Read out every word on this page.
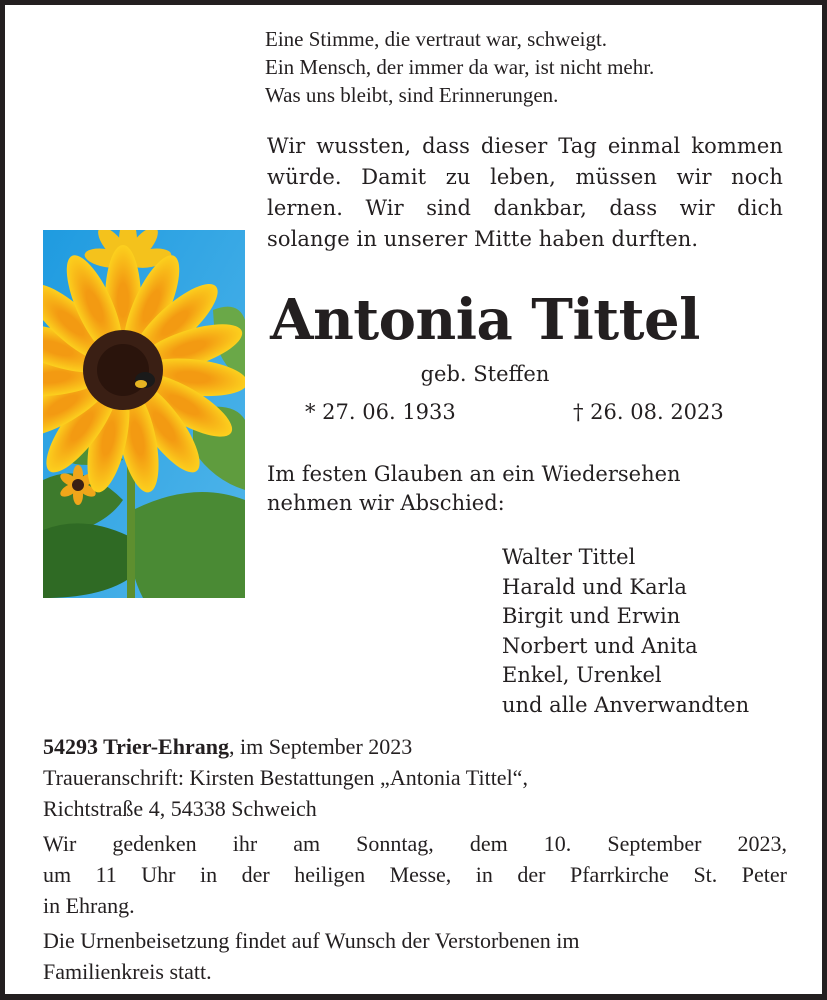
Eine Stimme, die vertraut war, schweigt.
Ein Mensch, der immer da war, ist nicht mehr.
Was uns bleibt, sind Erinnerungen.
Wir wussten, dass dieser Tag einmal kommen
würde. Damit zu leben, müssen wir noch
lernen. Wir sind dankbar, dass wir dich
solange in unserer Mitte haben durften.
Antonia Tittel
geb. Steffen
* 27. 06. 1933	† 26. 08. 2023
Im festen Glauben an ein Wiedersehen
nehmen wir Abschied:
Walter Tittel
Harald und Karla
Birgit und Erwin
Norbert und Anita
Enkel, Urenkel
und alle Anverwandten
54293 Trier-Ehrang, im September 2023
Traueranschrift: Kirsten Bestattungen „Antonia Tittel“,
Richtstraße 4, 54338 Schweich
Wir gedenken ihr am Sonntag, dem 10. September 2023,
um 11 Uhr in der heiligen Messe, in der Pfarrkirche St. Peter
in Ehrang.
Die Urnenbeisetzung findet auf Wunsch der Verstorbenen im
Familienkreis statt.
